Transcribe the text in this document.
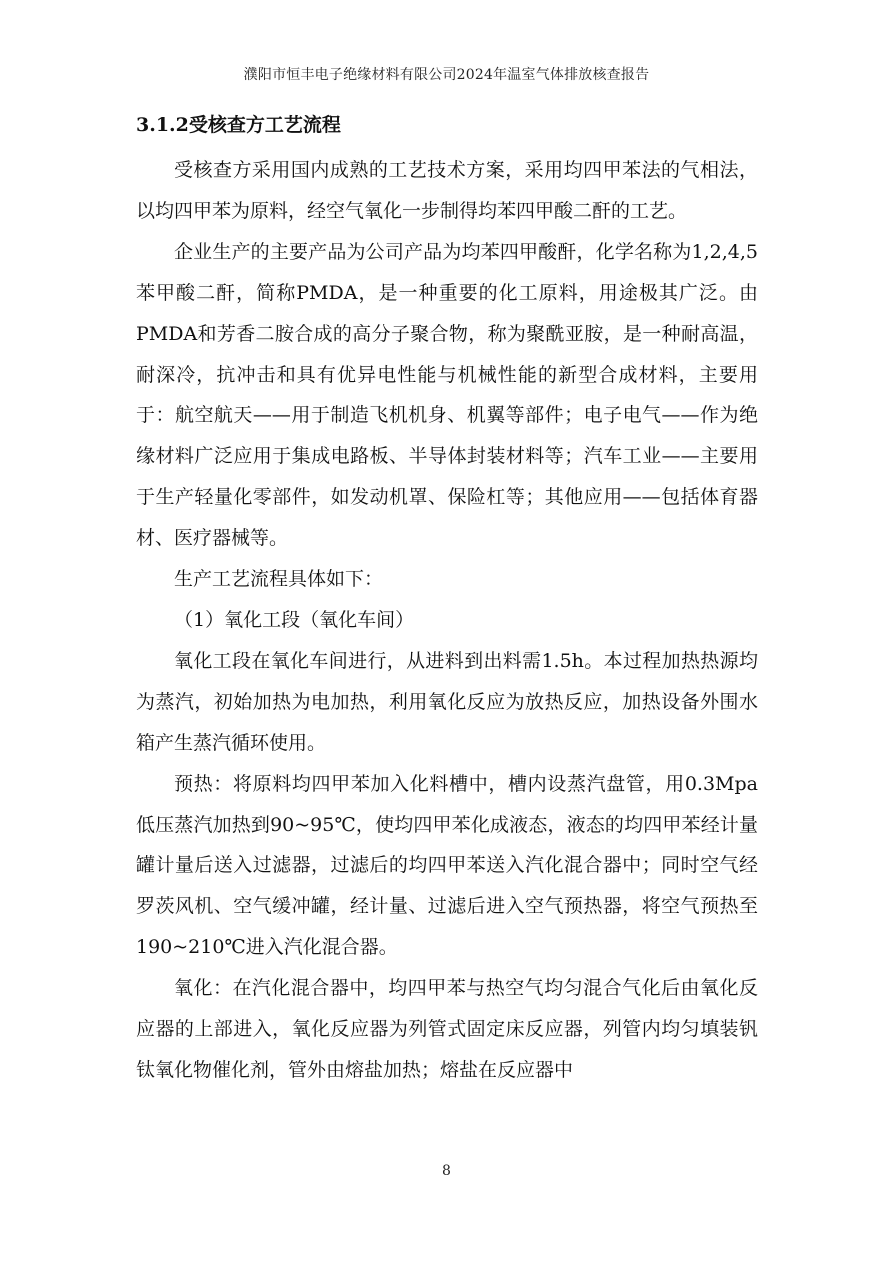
濮阳市恒丰电子绝缘材料有限公司2024年温室气体排放核查报告
3.1.2受核查方工艺流程

受核查方采用国内成熟的工艺技术方案，采用均四甲苯法的气相法，以均四甲苯为原料，经空气氧化一步制得均苯四甲酸二酐的工艺。

企业生产的主要产品为公司产品为均苯四甲酸酐，化学名称为1,2,4,5苯甲酸二酐，简称PMDA，是一种重要的化工原料，用途极其广泛。由 PMDA和芳香二胺合成的高分子聚合物，称为聚酰亚胺，是一种耐高温，耐深冷，抗冲击和具有优异电性能与机械性能的新型合成材料，主要用于：航空航天——用于制造飞机机身、机翼等部件；电子电气——作为绝缘材料广泛应用于集成电路板、半导体封装材料等；汽车工业——主要用于生产轻量化零部件，如发动机罩、保险杠等；其他应用——包括体育器材、医疗器械等。

生产工艺流程具体如下：

（1）氧化工段（氧化车间）

氧化工段在氧化车间进行，从进料到出料需1.5h。本过程加热热源均为蒸汽，初始加热为电加热，利用氧化反应为放热反应，加热设备外围水箱产生蒸汽循环使用。

预热：将原料均四甲苯加入化料槽中，槽内设蒸汽盘管，用0.3Mpa低压蒸汽加热到90~95℃，使均四甲苯化成液态，液态的均四甲苯经计量罐计量后送入过滤器，过滤后的均四甲苯送入汽化混合器中；同时空气经罗茨风机、空气缓冲罐，经计量、过滤后进入空气预热器，将空气预热至190~210℃进入汽化混合器。

氧化：在汽化混合器中，均四甲苯与热空气均匀混合气化后由氧化反应器的上部进入，氧化反应器为列管式固定床反应器，列管内均匀填装钒钛氧化物催化剂，管外由熔盐加热；熔盐在反应器中

8
